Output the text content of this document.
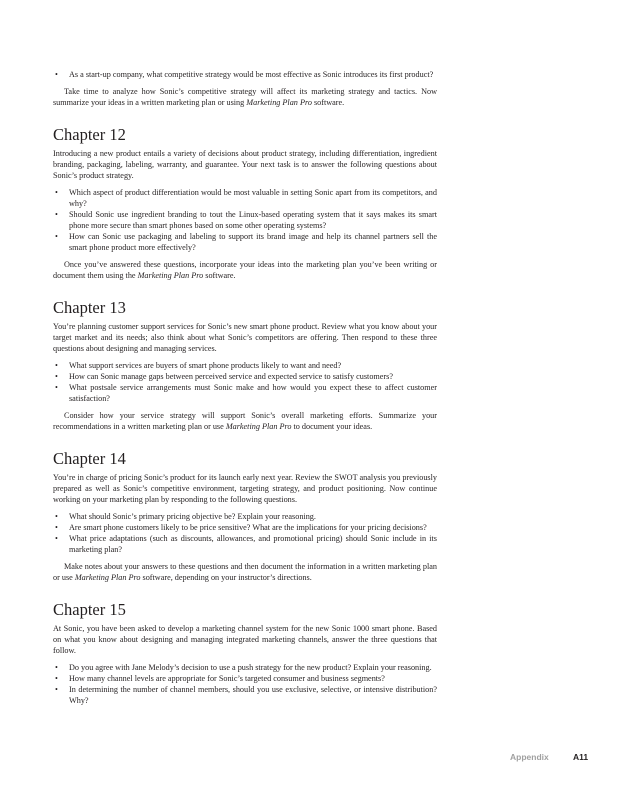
• As a start-up company, what competitive strategy would be most effective as Sonic introduces its first product?

Take time to analyze how Sonic’s competitive strategy will affect its marketing strategy and tactics. Now summarize your ideas in a written marketing plan or using Marketing Plan Pro software.

Chapter 12

Introducing a new product entails a variety of decisions about product strategy, including differentiation, ingredient branding, packaging, labeling, warranty, and guarantee. Your next task is to answer the following questions about Sonic’s product strategy.

• Which aspect of product differentiation would be most valuable in setting Sonic apart from its competitors, and why?
• Should Sonic use ingredient branding to tout the Linux-based operating system that it says makes its smart phone more secure than smart phones based on some other operating systems?
• How can Sonic use packaging and labeling to support its brand image and help its channel partners sell the smart phone product more effectively?

Once you’ve answered these questions, incorporate your ideas into the marketing plan you’ve been writing or document them using the Marketing Plan Pro software.

Chapter 13

You’re planning customer support services for Sonic’s new smart phone product. Review what you know about your target market and its needs; also think about what Sonic’s competitors are offering. Then respond to these three questions about designing and managing services.

• What support services are buyers of smart phone products likely to want and need?
• How can Sonic manage gaps between perceived service and expected service to satisfy customers?
• What postsale service arrangements must Sonic make and how would you expect these to affect customer satisfaction?

Consider how your service strategy will support Sonic’s overall marketing efforts. Summarize your recommendations in a written marketing plan or use Marketing Plan Pro to document your ideas.

Chapter 14

You’re in charge of pricing Sonic’s product for its launch early next year. Review the SWOT analysis you previously prepared as well as Sonic’s competitive environment, targeting strategy, and product positioning. Now continue working on your marketing plan by responding to the following questions.

• What should Sonic’s primary pricing objective be? Explain your reasoning.
• Are smart phone customers likely to be price sensitive? What are the implications for your pricing decisions?
• What price adaptations (such as discounts, allowances, and promotional pricing) should Sonic include in its marketing plan?

Make notes about your answers to these questions and then document the information in a written marketing plan or use Marketing Plan Pro software, depending on your instructor’s directions.

Chapter 15

At Sonic, you have been asked to develop a marketing channel system for the new Sonic 1000 smart phone. Based on what you know about designing and managing integrated marketing channels, answer the three questions that follow.

• Do you agree with Jane Melody’s decision to use a push strategy for the new product? Explain your reasoning.
• How many channel levels are appropriate for Sonic’s targeted consumer and business segments?
• In determining the number of channel members, should you use exclusive, selective, or intensive distribution? Why?
Appendix	A11
